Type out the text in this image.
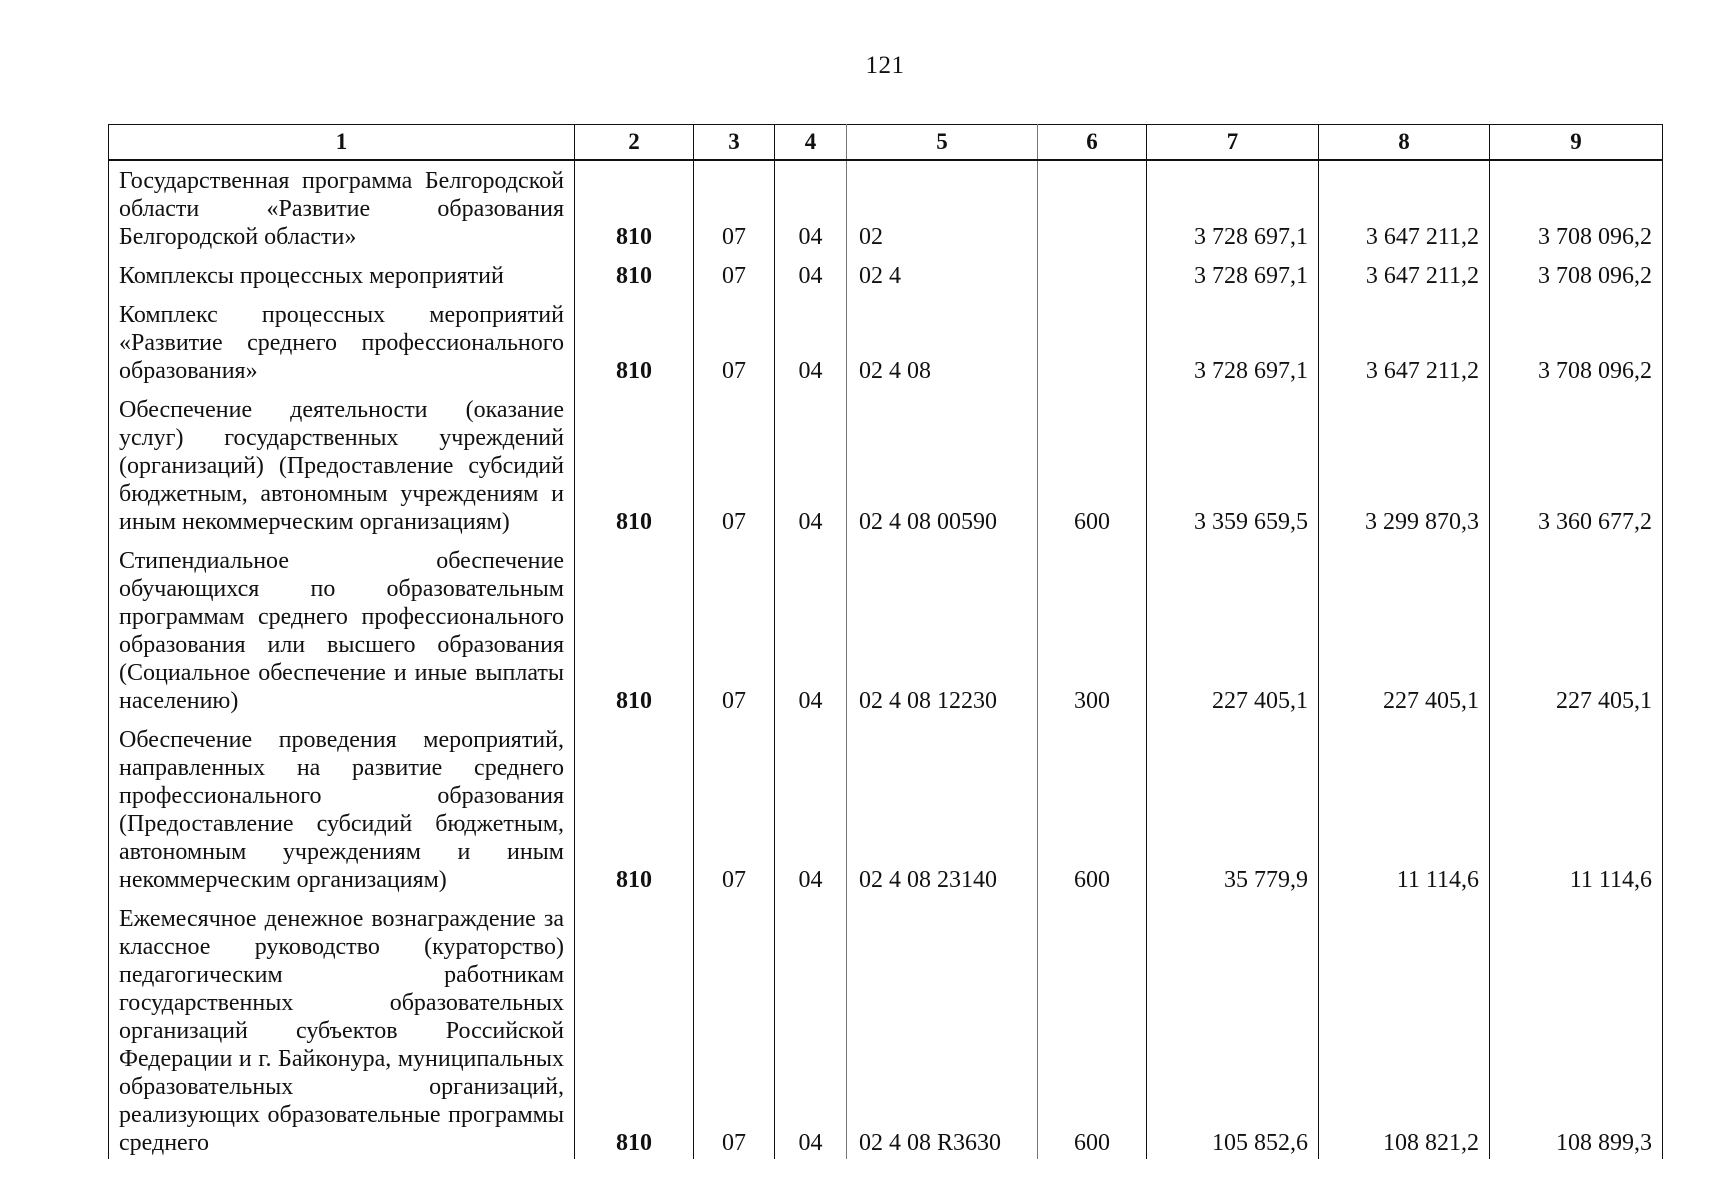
121
1	2	3	4	5	6	7	8	9
Государственная программа Белгородской области «Развитие образования Белгородской области»	810	07	04	02		3 728 697,1	3 647 211,2	3 708 096,2
Комплексы процессных мероприятий	810	07	04	02 4		3 728 697,1	3 647 211,2	3 708 096,2
Комплекс процессных мероприятий «Развитие среднего профессионального образования»	810	07	04	02 4 08		3 728 697,1	3 647 211,2	3 708 096,2
Обеспечение деятельности (оказание услуг) государственных учреждений (организаций) (Предоставление субсидий бюджетным, автономным учреждениям и иным некоммерческим организациям)	810	07	04	02 4 08 00590	600	3 359 659,5	3 299 870,3	3 360 677,2
Стипендиальное обеспечение обучающихся по образовательным программам среднего профессионального образования или высшего образования (Социальное обеспечение и иные выплаты населению)	810	07	04	02 4 08 12230	300	227 405,1	227 405,1	227 405,1
Обеспечение проведения мероприятий, направленных на развитие среднего профессионального образования (Предоставление субсидий бюджетным, автономным учреждениям и иным некоммерческим организациям)	810	07	04	02 4 08 23140	600	35 779,9	11 114,6	11 114,6
Ежемесячное денежное вознаграждение за классное руководство (кураторство) педагогическим работникам государственных образовательных организаций субъектов Российской Федерации и г. Байконура, муниципальных образовательных организаций, реализующих образовательные программы среднего	810	07	04	02 4 08 R3630	600	105 852,6	108 821,2	108 899,3
